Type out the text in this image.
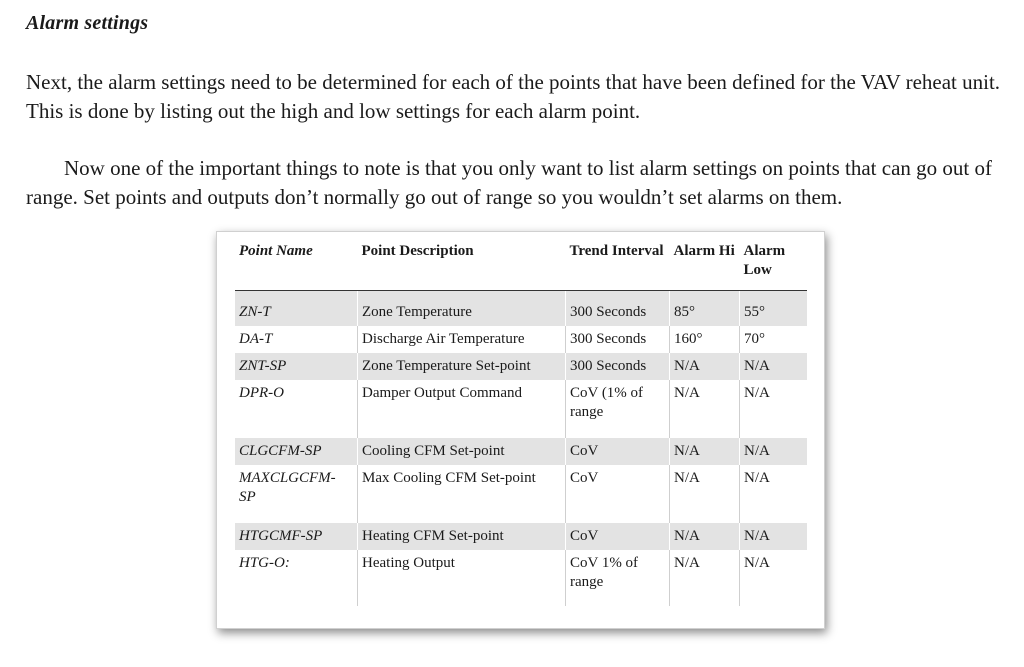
Alarm settings

Next, the alarm settings need to be determined for each of the points that have been defined for the VAV reheat unit. This is done by listing out the high and low settings for each alarm point.

Now one of the important things to note is that you only want to list alarm settings on points that can go out of range. Set points and outputs don’t normally go out of range so you wouldn’t set alarms on them.

Point Name	Point Description	Trend Interval	Alarm Hi	Alarm Low
ZN-T	Zone Temperature	300 Seconds	85°	55°
DA-T	Discharge Air Temperature	300 Seconds	160°	70°
ZNT-SP	Zone Temperature Set-point	300 Seconds	N/A	N/A
DPR-O	Damper Output Command	CoV (1% of range	N/A	N/A
CLGCFM-SP	Cooling CFM Set-point	CoV	N/A	N/A
MAXCLGCFM-SP	Max Cooling CFM Set-point	CoV	N/A	N/A
HTGCMF-SP	Heating CFM Set-point	CoV	N/A	N/A
HTG-O:	Heating Output	CoV 1% of range	N/A	N/A
